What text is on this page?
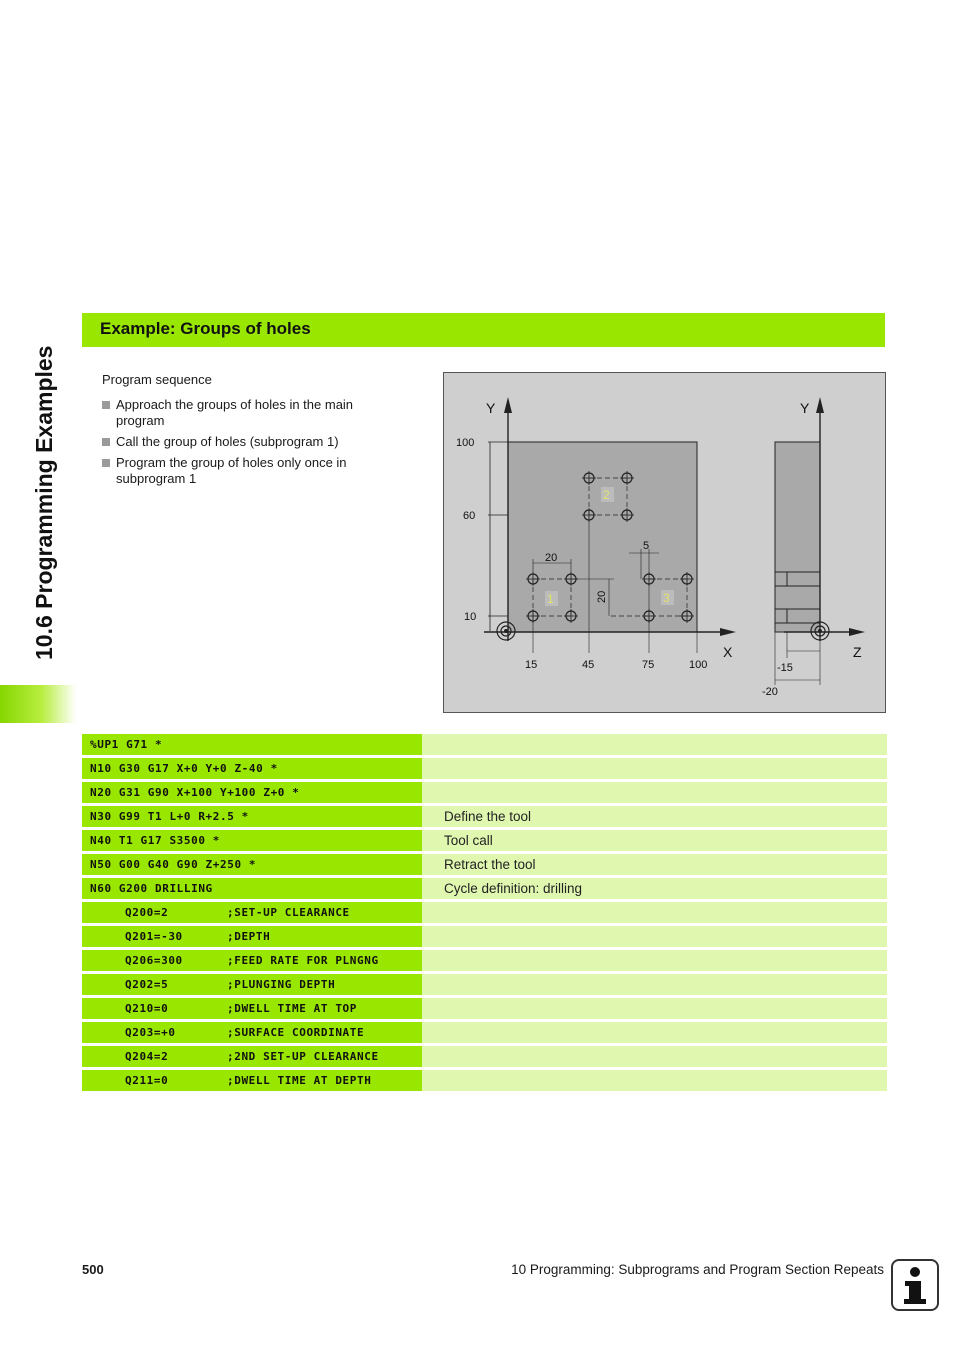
10.6 Programming Examples
Example: Groups of holes
Program sequence
Approach the groups of holes in the main program
Call the group of holes (subprogram 1)
Program the group of holes only once in subprogram 1
Y
X
Y
Z
100
60
10
15	45	75	100
20
20
5
-15
-20
1
2
3
%UP1 G71 *
N10 G30 G17 X+0 Y+0 Z-40 *
N20 G31 G90 X+100 Y+100 Z+0 *
N30 G99 T1 L+0 R+2.5 *	Define the tool
N40 T1 G17 S3500 *	Tool call
N50 G00 G40 G90 Z+250 *	Retract the tool
N60 G200 DRILLING	Cycle definition: drilling
Q200=2	;SET-UP CLEARANCE
Q201=-30	;DEPTH
Q206=300	;FEED RATE FOR PLNGNG
Q202=5	;PLUNGING DEPTH
Q210=0	;DWELL TIME AT TOP
Q203=+0	;SURFACE COORDINATE
Q204=2	;2ND SET-UP CLEARANCE
Q211=0	;DWELL TIME AT DEPTH
500	10 Programming: Subprograms and Program Section Repeats
